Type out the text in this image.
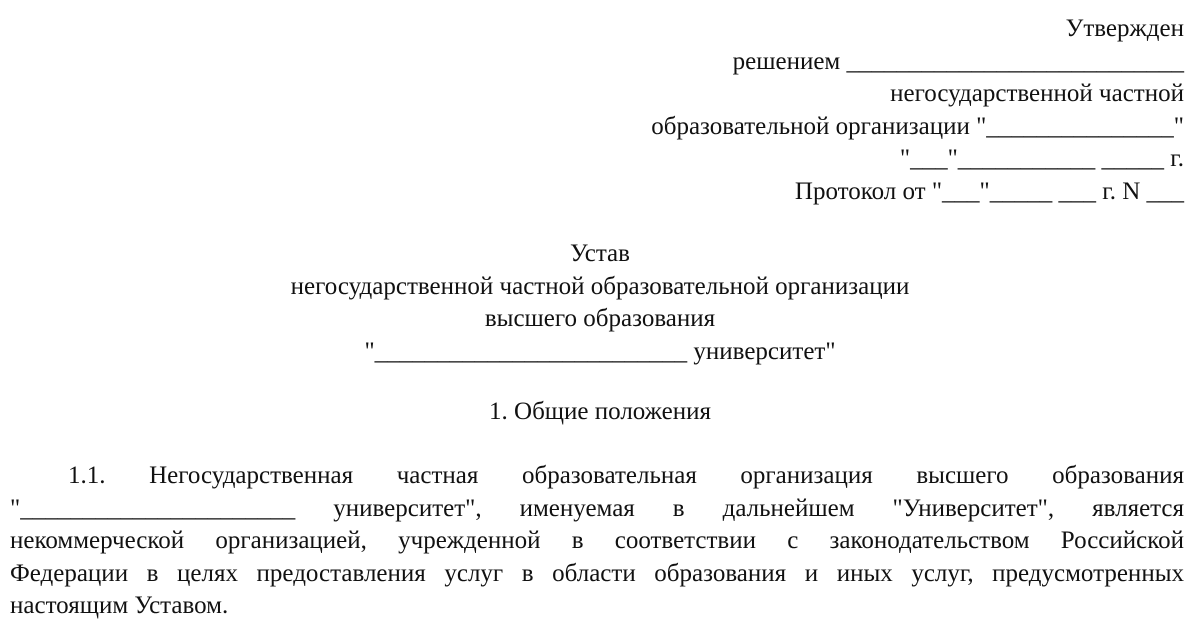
Утвержден
решением ___________________________
негосударственной частной
образовательной организации "_______________"
"___"___________ _____ г.
Протокол от "___"_____ ___ г. N ___
Устав
негосударственной частной образовательной организации
высшего образования
"_________________________ университет"
1. Общие положения
1.1. Негосударственная частная образовательная организация высшего образования
"______________________ университет", именуемая в дальнейшем "Университет", является
некоммерческой организацией, учрежденной в соответствии с законодательством Российской
Федерации в целях предоставления услуг в области образования и иных услуг, предусмотренных
настоящим Уставом.
